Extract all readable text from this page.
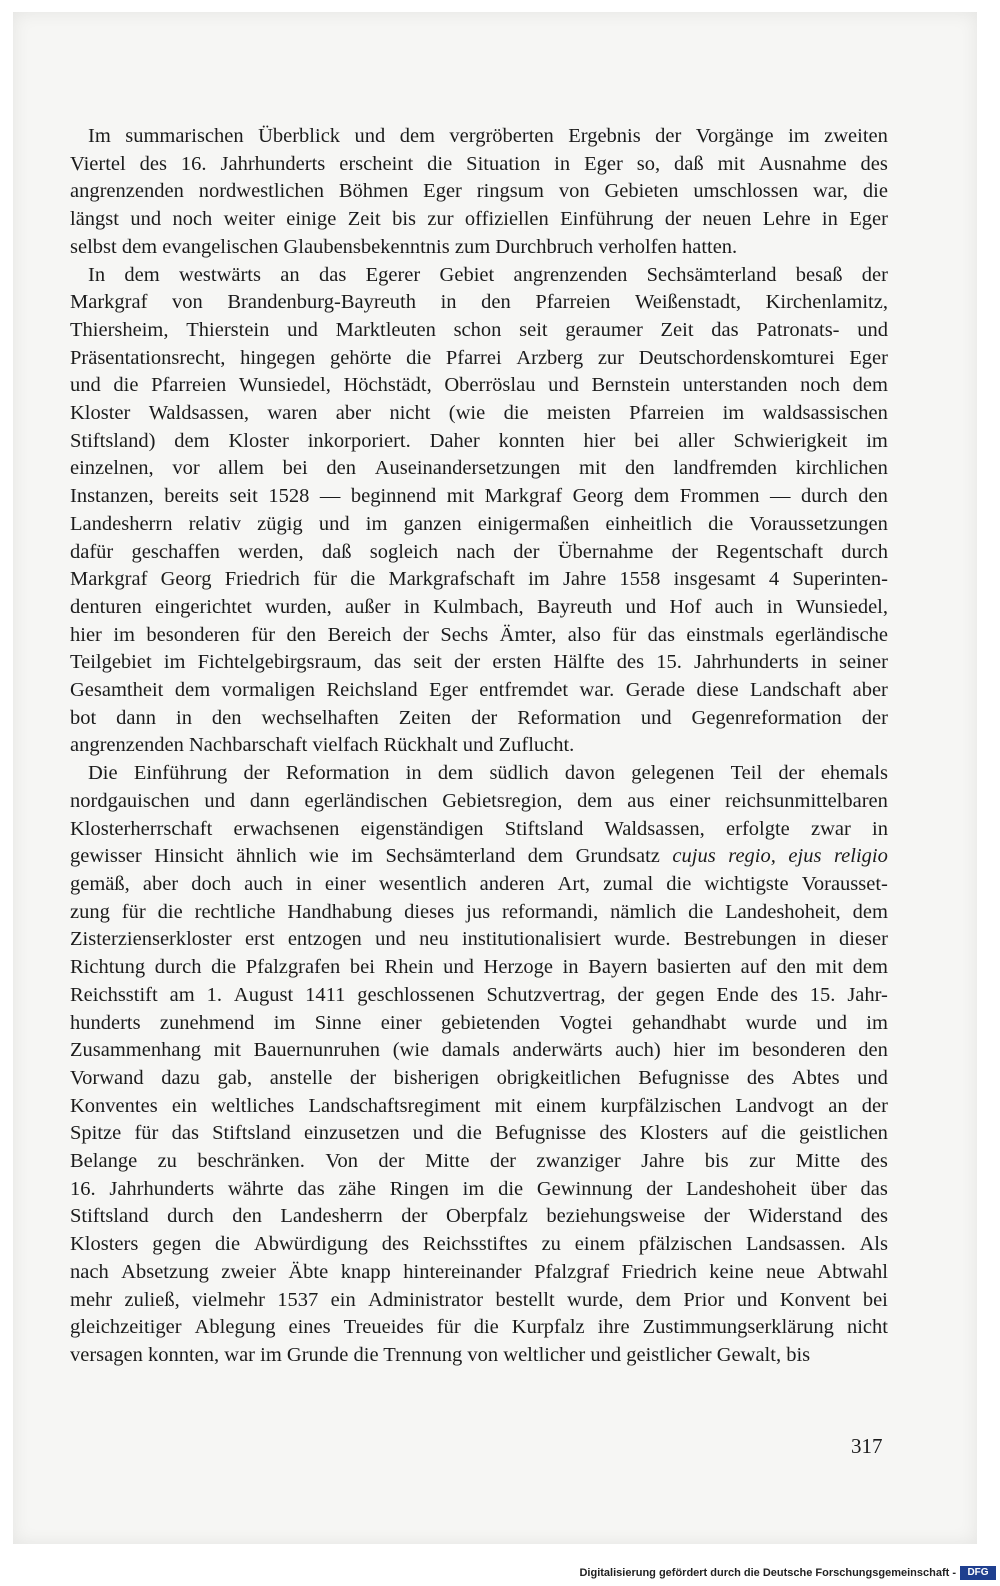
Im summarischen Überblick und dem vergröberten Ergebnis der Vorgänge im zweiten
Viertel des 16. Jahrhunderts erscheint die Situation in Eger so, daß mit Ausnahme des
angrenzenden nordwestlichen Böhmen Eger ringsum von Gebieten umschlossen war, die
längst und noch weiter einige Zeit bis zur offiziellen Einführung der neuen Lehre in Eger
selbst dem evangelischen Glaubensbekenntnis zum Durchbruch verholfen hatten.
In dem westwärts an das Egerer Gebiet angrenzenden Sechsämterland besaß der
Markgraf von Brandenburg-Bayreuth in den Pfarreien Weißenstadt, Kirchenlamitz,
Thiersheim, Thierstein und Marktleuten schon seit geraumer Zeit das Patronats- und
Präsentationsrecht, hingegen gehörte die Pfarrei Arzberg zur Deutschordenskomturei Eger
und die Pfarreien Wunsiedel, Höchstädt, Oberröslau und Bernstein unterstanden noch dem
Kloster Waldsassen, waren aber nicht (wie die meisten Pfarreien im waldsassischen
Stiftsland) dem Kloster inkorporiert. Daher konnten hier bei aller Schwierigkeit im
einzelnen, vor allem bei den Auseinandersetzungen mit den landfremden kirchlichen
Instanzen, bereits seit 1528 — beginnend mit Markgraf Georg dem Frommen — durch den
Landesherrn relativ zügig und im ganzen einigermaßen einheitlich die Voraussetzungen
dafür geschaffen werden, daß sogleich nach der Übernahme der Regentschaft durch
Markgraf Georg Friedrich für die Markgrafschaft im Jahre 1558 insgesamt 4 Superinten-
denturen eingerichtet wurden, außer in Kulmbach, Bayreuth und Hof auch in Wunsiedel,
hier im besonderen für den Bereich der Sechs Ämter, also für das einstmals egerländische
Teilgebiet im Fichtelgebirgsraum, das seit der ersten Hälfte des 15. Jahrhunderts in seiner
Gesamtheit dem vormaligen Reichsland Eger entfremdet war. Gerade diese Landschaft aber
bot dann in den wechselhaften Zeiten der Reformation und Gegenreformation der
angrenzenden Nachbarschaft vielfach Rückhalt und Zuflucht.
Die Einführung der Reformation in dem südlich davon gelegenen Teil der ehemals
nordgauischen und dann egerländischen Gebietsregion, dem aus einer reichsunmittelbaren
Klosterherrschaft erwachsenen eigenständigen Stiftsland Waldsassen, erfolgte zwar in
gewisser Hinsicht ähnlich wie im Sechsämterland dem Grundsatz cujus regio, ejus religio
gemäß, aber doch auch in einer wesentlich anderen Art, zumal die wichtigste Vorausset-
zung für die rechtliche Handhabung dieses jus reformandi, nämlich die Landeshoheit, dem
Zisterzienserkloster erst entzogen und neu institutionalisiert wurde. Bestrebungen in dieser
Richtung durch die Pfalzgrafen bei Rhein und Herzoge in Bayern basierten auf den mit dem
Reichsstift am 1. August 1411 geschlossenen Schutzvertrag, der gegen Ende des 15. Jahr-
hunderts zunehmend im Sinne einer gebietenden Vogtei gehandhabt wurde und im
Zusammenhang mit Bauernunruhen (wie damals anderwärts auch) hier im besonderen den
Vorwand dazu gab, anstelle der bisherigen obrigkeitlichen Befugnisse des Abtes und
Konventes ein weltliches Landschaftsregiment mit einem kurpfälzischen Landvogt an der
Spitze für das Stiftsland einzusetzen und die Befugnisse des Klosters auf die geistlichen
Belange zu beschränken. Von der Mitte der zwanziger Jahre bis zur Mitte des
16. Jahrhunderts währte das zähe Ringen im die Gewinnung der Landeshoheit über das
Stiftsland durch den Landesherrn der Oberpfalz beziehungsweise der Widerstand des
Klosters gegen die Abwürdigung des Reichsstiftes zu einem pfälzischen Landsassen. Als
nach Absetzung zweier Äbte knapp hintereinander Pfalzgraf Friedrich keine neue Abtwahl
mehr zuließ, vielmehr 1537 ein Administrator bestellt wurde, dem Prior und Konvent bei
gleichzeitiger Ablegung eines Treueides für die Kurpfalz ihre Zustimmungserklärung nicht
versagen konnten, war im Grunde die Trennung von weltlicher und geistlicher Gewalt, bis
317
Digitalisierung gefördert durch die Deutsche Forschungsgemeinschaft -	DFG
